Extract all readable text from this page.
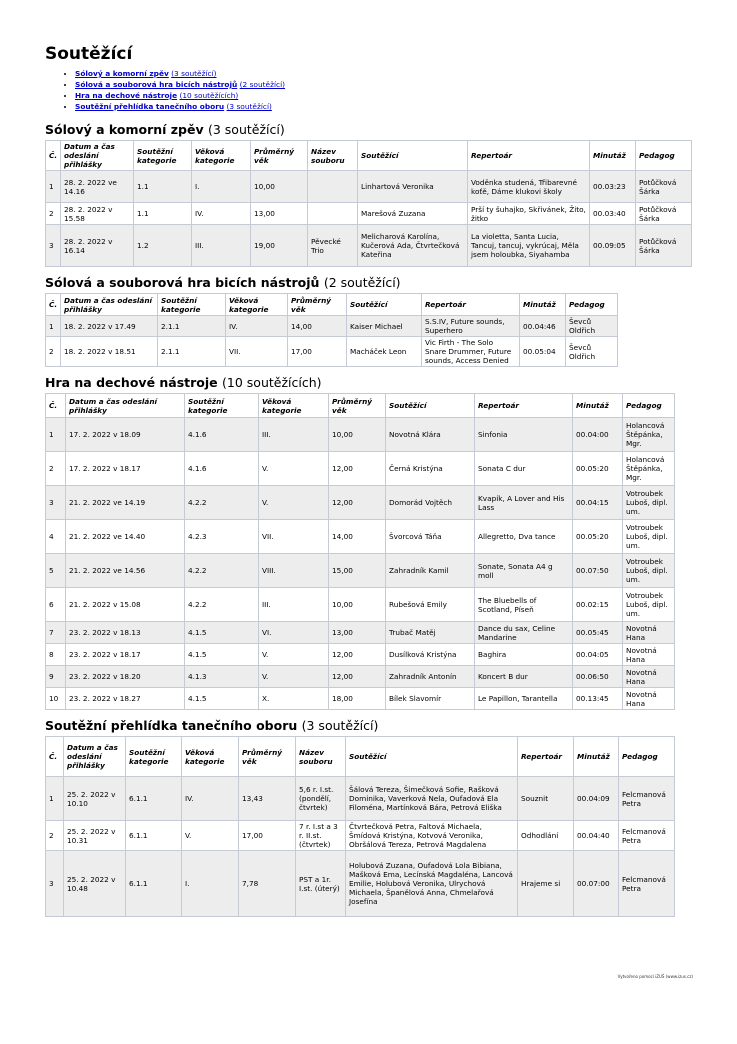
Soutěžící
• Sólový a komorní zpěv (3 soutěžící)
• Sólová a souborová hra bicích nástrojů (2 soutěžící)
• Hra na dechové nástroje (10 soutěžících)
• Soutěžní přehlídka tanečního oboru (3 soutěžící)
Sólový a komorní zpěv (3 soutěžící)
Č.	Datum a čas odeslání přihlášky	Soutěžní kategorie	Věková kategorie	Průměrný věk	Název souboru	Soutěžící	Repertoár	Minutáž	Pedagog
1	28. 2. 2022 ve 14.16	1.1	I.	10,00		Linhartová Veronika	Voděnka studená, Třibarevné koťě, Dáme klukovi školy	00.03:23	Potůčková Šárka
2	28. 2. 2022 v 15.58	1.1	IV.	13,00		Marešová Zuzana	Prší ty šuhajko, Skřivánek, Žito, žitko	00.03:40	Potůčková Šárka
3	28. 2. 2022 v 16.14	1.2	III.	19,00	Pěvecké Trio	Melicharová Karolína, Kučerová Ada, Čtvrtečková Kateřina	La violetta, Santa Lucia, Tancuj, tancuj, vykrúcaj, Měla jsem holoubka, Siyahamba	00.09:05	Potůčková Šárka
Sólová a souborová hra bicích nástrojů (2 soutěžící)
Č.	Datum a čas odeslání přihlášky	Soutěžní kategorie	Věková kategorie	Průměrný věk	Soutěžící	Repertoár	Minutáž	Pedagog
1	18. 2. 2022 v 17.49	2.1.1	IV.	14,00	Kaiser Michael	S.S.IV, Future sounds, Superhero	00.04:46	Ševců Oldřich
2	18. 2. 2022 v 18.51	2.1.1	VII.	17,00	Macháček Leon	Vic Firth - The Solo Snare Drummer, Future sounds, Access Denied	00.05:04	Ševců Oldřich
Hra na dechové nástroje (10 soutěžících)
Č.	Datum a čas odeslání přihlášky	Soutěžní kategorie	Věková kategorie	Průměrný věk	Soutěžící	Repertoár	Minutáž	Pedagog
1	17. 2. 2022 v 18.09	4.1.6	III.	10,00	Novotná Klára	Sinfonia	00.04:00	Holancová Štěpánka, Mgr.
2	17. 2. 2022 v 18.17	4.1.6	V.	12,00	Černá Kristýna	Sonata C dur	00.05:20	Holancová Štěpánka, Mgr.
3	21. 2. 2022 ve 14.19	4.2.2	V.	12,00	Domorád Vojtěch	Kvapík, A Lover and His Lass	00.04:15	Votroubek Luboš, dipl. um.
4	21. 2. 2022 ve 14.40	4.2.3	VII.	14,00	Švorcová Táňa	Allegretto, Dva tance	00.05:20	Votroubek Luboš, dipl. um.
5	21. 2. 2022 ve 14.56	4.2.2	VIII.	15,00	Zahradník Kamil	Sonate, Sonata A4 g moll	00.07:50	Votroubek Luboš, dipl. um.
6	21. 2. 2022 v 15.08	4.2.2	III.	10,00	Rubešová Emily	The Bluebells of Scotland, Píseň	00.02:15	Votroubek Luboš, dipl. um.
7	23. 2. 2022 v 18.13	4.1.5	VI.	13,00	Trubač Matěj	Dance du sax, Celine Mandarine	00.05:45	Novotná Hana
8	23. 2. 2022 v 18.17	4.1.5	V.	12,00	Dusílková Kristýna	Baghira	00.04:05	Novotná Hana
9	23. 2. 2022 v 18.20	4.1.3	V.	12,00	Zahradník Antonín	Koncert B dur	00.06:50	Novotná Hana
10	23. 2. 2022 v 18.27	4.1.5	X.	18,00	Bílek Slavomír	Le Papillon, Tarantella	00.13:45	Novotná Hana
Soutěžní přehlídka tanečního oboru (3 soutěžící)
Č.	Datum a čas odeslání přihlášky	Soutěžní kategorie	Věková kategorie	Průměrný věk	Název souboru	Soutěžící	Repertoár	Minutáž	Pedagog
1	25. 2. 2022 v 10.10	6.1.1	IV.	13,43	5,6 r. I.st. (pondělí, čtvrtek)	Šálová Tereza, Šimečková Sofie, Rašková Dominika, Vaverková Nela, Oufadová Ela Filoména, Martínková Bára, Petrová Eliška	Souznit	00.04:09	Felcmanová Petra
2	25. 2. 2022 v 10.31	6.1.1	V.	17,00	7 r. I.st a 3 r. II.st. (čtvrtek)	Čtvrtečková Petra, Faltová Michaela, Šmídová Kristýna, Kotvová Veronika, Obršálová Tereza, Petrová Magdalena	Odhodlání	00.04:40	Felcmanová Petra
3	25. 2. 2022 v 10.48	6.1.1	I.	7,78	PST a 1r. I.st. (úterý)	Holubová Zuzana, Oufadová Lola Bibiana, Mašková Ema, Lecínská Magdaléna, Lancová Emilie, Holubová Veronika, Ulrychová Michaela, Španělová Anna, Chmelařová Josefína	Hrajeme si	00.07:00	Felcmanová Petra
Vytvořeno pomocí iZUŠ (www.izus.cz)
